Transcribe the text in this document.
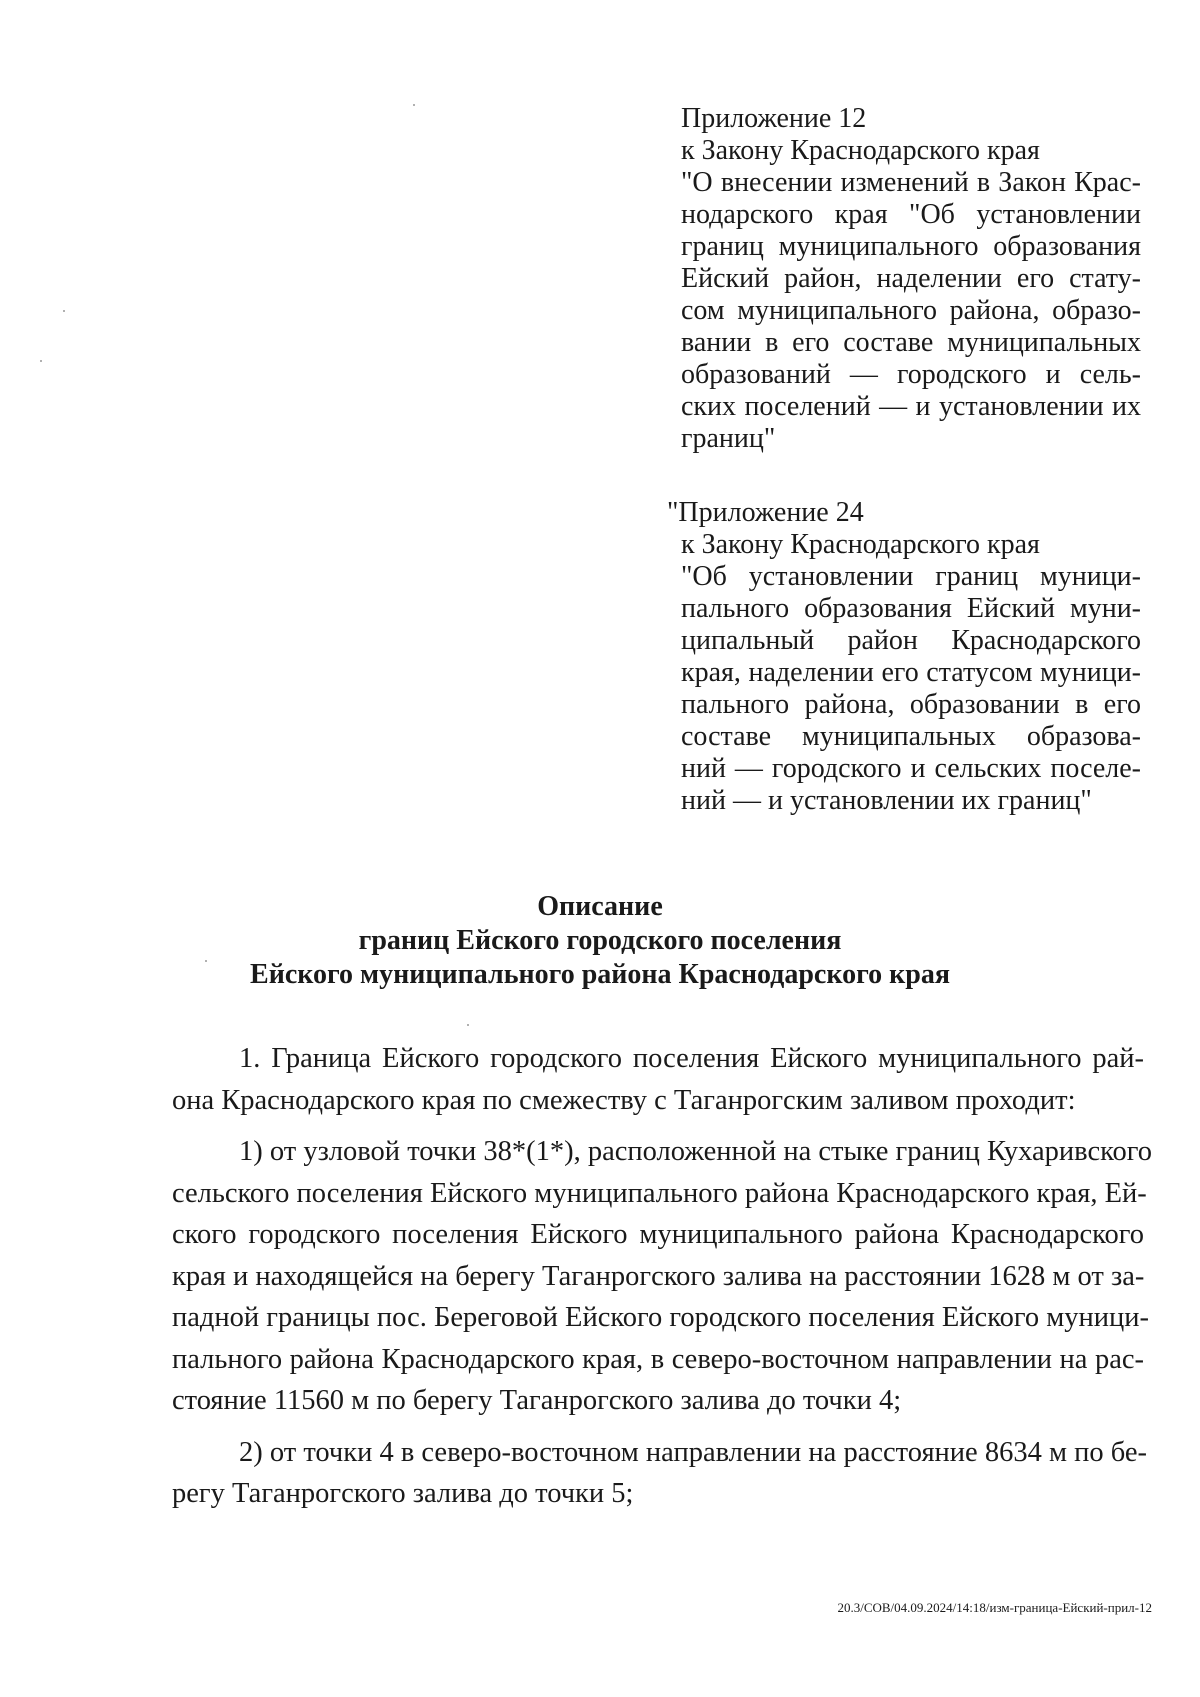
Приложение 12
к Закону Краснодарского края
"О внесении изменений в Закон Крас-
нодарского края "Об установлении
границ муниципального образования
Ейский район, наделении его стату-
сом муниципального района, образо-
вании в его составе муниципальных
образований — городского и сель-
ских поселений — и установлении их
границ"
"Приложение 24
к Закону Краснодарского края
"Об установлении границ муници-
пального образования Ейский муни-
ципальный район Краснодарского
края, наделении его статусом муници-
пального района, образовании в его
составе муниципальных образова-
ний — городского и сельских поселе-
ний — и установлении их границ"
Описание
границ Ейского городского поселения
Ейского муниципального района Краснодарского края
1. Граница Ейского городского поселения Ейского муниципального рай-
она Краснодарского края по смежеству с Таганрогским заливом проходит:
1) от узловой точки 38*(1*), расположенной на стыке границ Кухаривского
сельского поселения Ейского муниципального района Краснодарского края, Ей-
ского городского поселения Ейского муниципального района Краснодарского
края и находящейся на берегу Таганрогского залива на расстоянии 1628 м от за-
падной границы пос. Береговой Ейского городского поселения Ейского муници-
пального района Краснодарского края, в северо-восточном направлении на рас-
стояние 11560 м по берегу Таганрогского залива до точки 4;
2) от точки 4 в северо-восточном направлении на расстояние 8634 м по бе-
регу Таганрогского залива до точки 5;
20.3/СОВ/04.09.2024/14:18/изм-граница-Ейский-прил-12
